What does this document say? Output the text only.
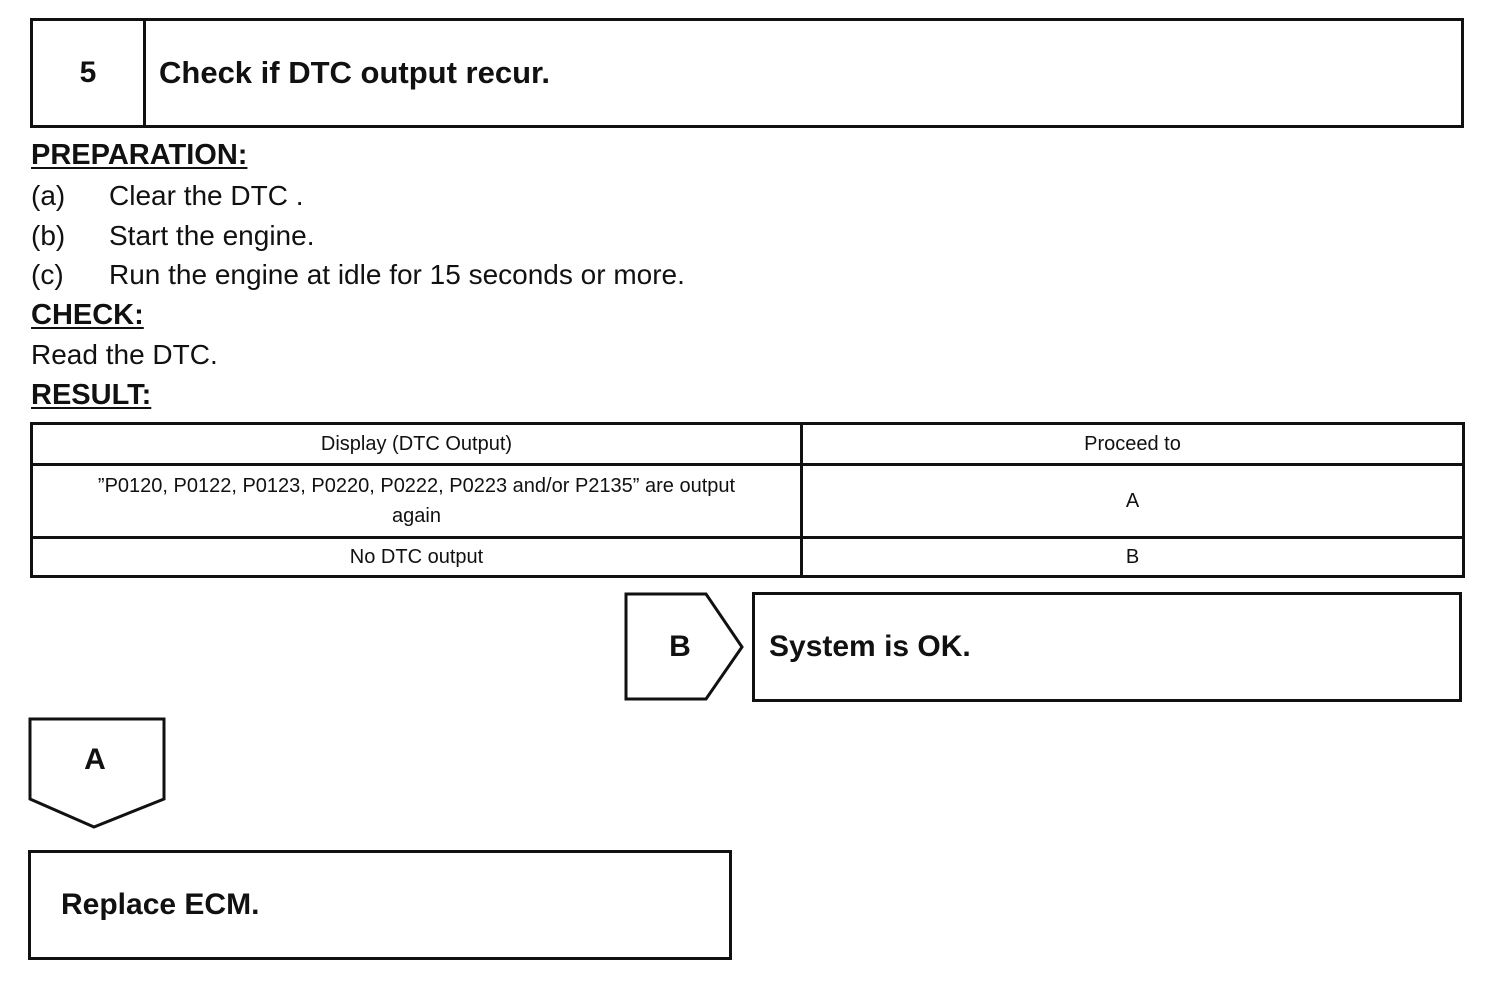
5	Check if DTC output recur.
PREPARATION:
(a) Clear the DTC .
(b) Start the engine.
(c) Run the engine at idle for 15 seconds or more.
CHECK:
Read the DTC.
RESULT:
Display (DTC Output)	Proceed to
”P0120, P0122, P0123, P0220, P0222, P0223 and/or P2135” are output again	A
No DTC output	B
B	System is OK.
A
Replace ECM.
